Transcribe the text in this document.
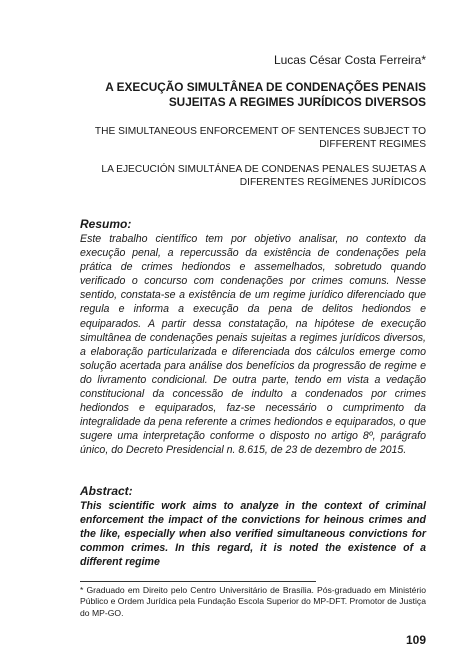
Lucas César Costa Ferreira*
A EXECUÇÃO SIMULTÂNEA DE CONDENAÇÕES PENAIS SUJEITAS A REGIMES JURÍDICOS DIVERSOS
THE SIMULTANEOUS ENFORCEMENT OF SENTENCES SUBJECT TO DIFFERENT REGIMES
LA EJECUCIÓN SIMULTÁNEA DE CONDENAS PENALES SUJETAS A DIFERENTES REGÍMENES JURÍDICOS
Resumo:
Este trabalho científico tem por objetivo analisar, no contexto da execução penal, a repercussão da existência de condenações pela prática de crimes hediondos e assemelhados, sobretudo quando verificado o concurso com condenações por crimes comuns. Nesse sentido, constata-se a existência de um regime jurídico diferenciado que regula e informa a execução da pena de delitos hediondos e equiparados. A partir dessa constatação, na hipótese de execução simultânea de condenações penais sujeitas a regimes jurídicos diversos, a elaboração particularizada e diferenciada dos cálculos emerge como solução acertada para análise dos benefícios da progressão de regime e do livramento condicional. De outra parte, tendo em vista a vedação constitucional da concessão de indulto a condenados por crimes hediondos e equiparados, faz-se necessário o cumprimento da integralidade da pena referente a crimes hediondos e equiparados, o que sugere uma interpretação conforme o disposto no artigo 8º, parágrafo único, do Decreto Presidencial n. 8.615, de 23 de dezembro de 2015.
Abstract:
This scientific work aims to analyze in the context of criminal enforcement the impact of the convictions for heinous crimes and the like, especially when also verified simultaneous convictions for common crimes. In this regard, it is noted the existence of a different regime
* Graduado em Direito pelo Centro Universitário de Brasília. Pós-graduado em Ministério Público e Ordem Jurídica pela Fundação Escola Superior do MP-DFT. Promotor de Justiça do MP-GO.
109
